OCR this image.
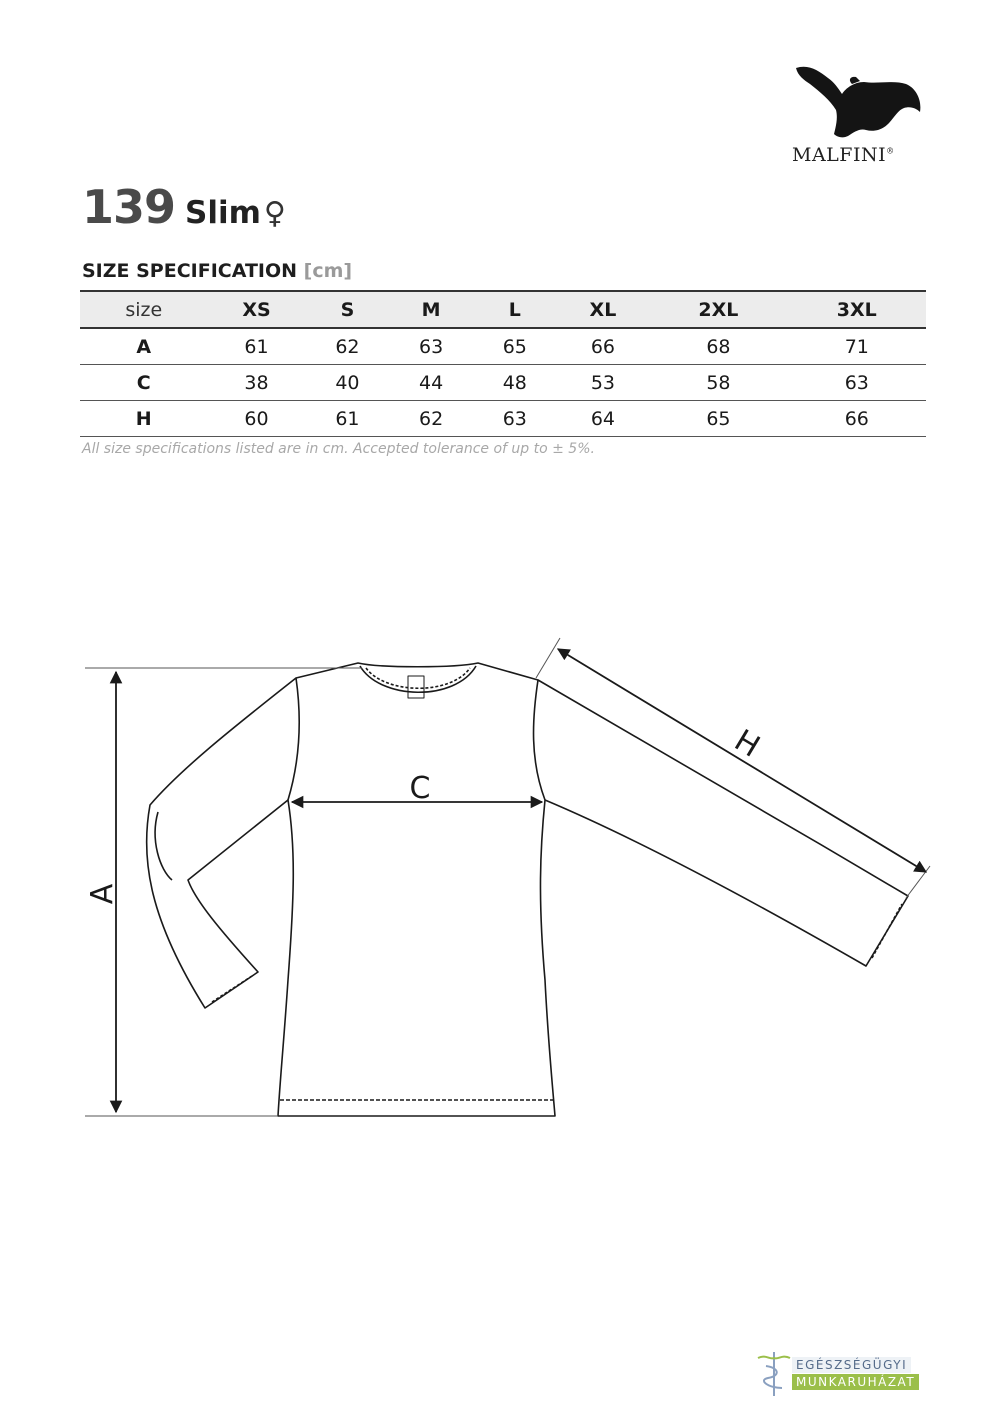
MALFINI®
139 Slim ♀
SIZE SPECIFICATION [cm]
size	XS	S	M	L	XL	2XL	3XL
A	61	62	63	65	66	68	71
C	38	40	44	48	53	58	63
H	60	61	62	63	64	65	66
All size specifications listed are in cm. Accepted tolerance of up to ± 5%.
A
C
H
EGÉSZSÉGÜGYI
MUNKARUHÁZAT
